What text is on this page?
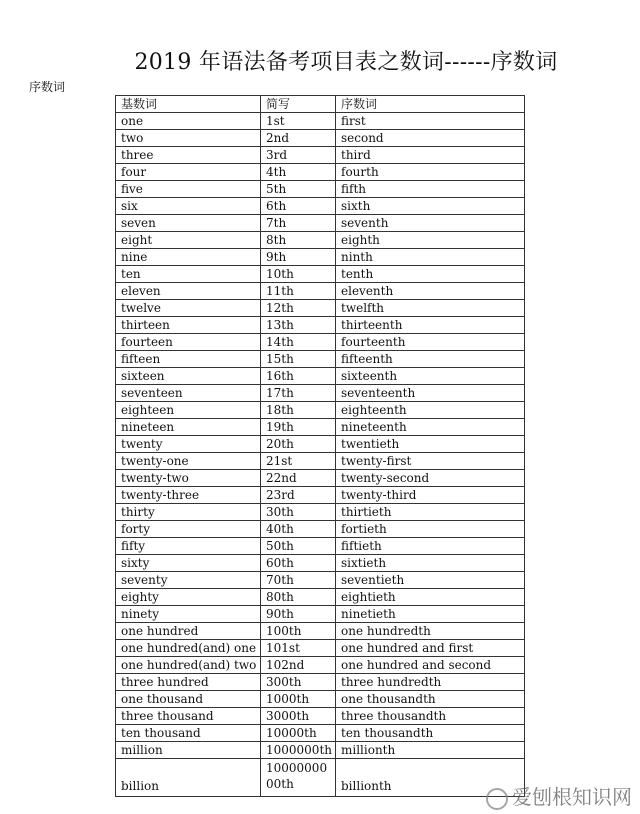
2019 年语法备考项目表之数词------序数词
序数词
基数词	简写	序数词
one	1st	first
two	2nd	second
three	3rd	third
four	4th	fourth
five	5th	fifth
six	6th	sixth
seven	7th	seventh
eight	8th	eighth
nine	9th	ninth
ten	10th	tenth
eleven	11th	eleventh
twelve	12th	twelfth
thirteen	13th	thirteenth
fourteen	14th	fourteenth
fifteen	15th	fifteenth
sixteen	16th	sixteenth
seventeen	17th	seventeenth
eighteen	18th	eighteenth
nineteen	19th	nineteenth
twenty	20th	twentieth
twenty-one	21st	twenty-first
twenty-two	22nd	twenty-second
twenty-three	23rd	twenty-third
thirty	30th	thirtieth
forty	40th	fortieth
fifty	50th	fiftieth
sixty	60th	sixtieth
seventy	70th	seventieth
eighty	80th	eightieth
ninety	90th	ninetieth
one hundred	100th	one hundredth
one hundred(and) one	101st	one hundred and first
one hundred(and) two	102nd	one hundred and second
three hundred	300th	three hundredth
one thousand	1000th	one thousandth
three thousand	3000th	three thousandth
ten thousand	10000th	ten thousandth
million	1000000th	millionth
billion	1000000000th	billionth	爱刨根知识网
